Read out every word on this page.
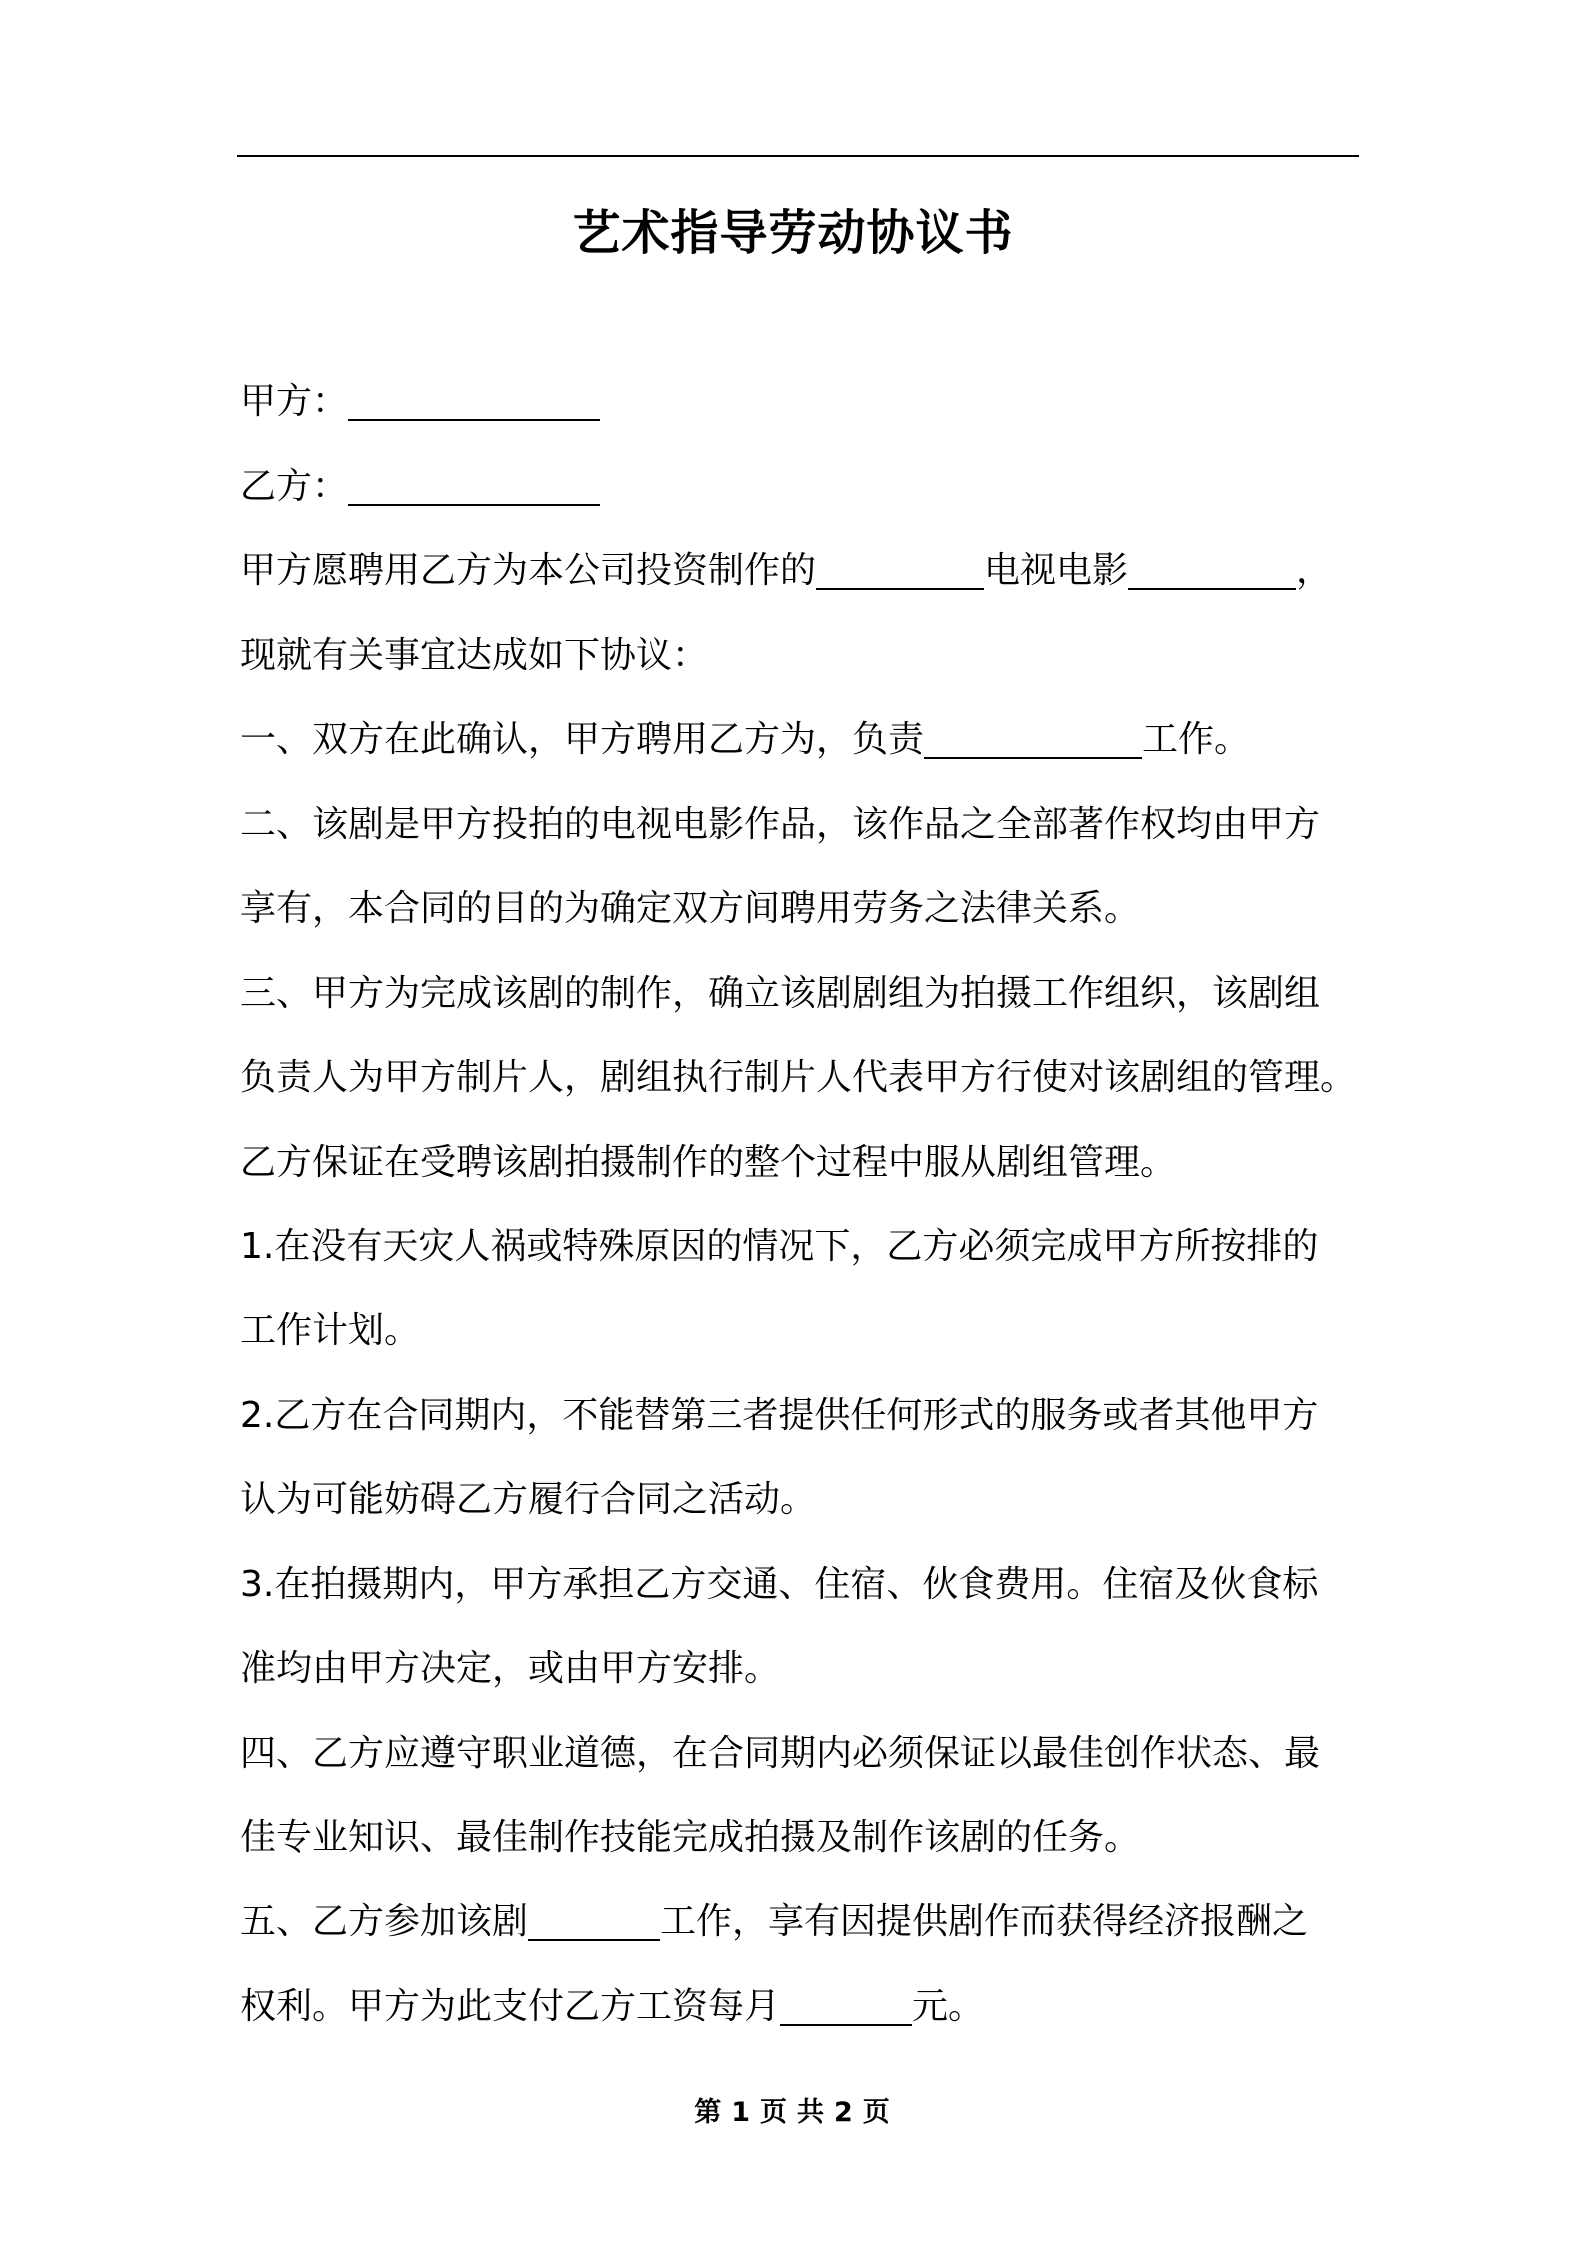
艺术指导劳动协议书
甲方：
乙方：
甲方愿聘用乙方为本公司投资制作的	电视电影	，
现就有关事宜达成如下协议：
一、双方在此确认，甲方聘用乙方为，负责	工作。
二、该剧是甲方投拍的电视电影作品，该作品之全部著作权均由甲方
享有，本合同的目的为确定双方间聘用劳务之法律关系。
三、甲方为完成该剧的制作，确立该剧剧组为拍摄工作组织，该剧组
负责人为甲方制片人，剧组执行制片人代表甲方行使对该剧组的管理。
乙方保证在受聘该剧拍摄制作的整个过程中服从剧组管理。
1.在没有天灾人祸或特殊原因的情况下，乙方必须完成甲方所按排的
工作计划。
2.乙方在合同期内，不能替第三者提供任何形式的服务或者其他甲方
认为可能妨碍乙方履行合同之活动。
3.在拍摄期内，甲方承担乙方交通、住宿、伙食费用。住宿及伙食标
准均由甲方决定，或由甲方安排。
四、乙方应遵守职业道德，在合同期内必须保证以最佳创作状态、最
佳专业知识、最佳制作技能完成拍摄及制作该剧的任务。
五、乙方参加该剧	工作，享有因提供剧作而获得经济报酬之
权利。甲方为此支付乙方工资每月	元。
第 1 页 共 2 页
